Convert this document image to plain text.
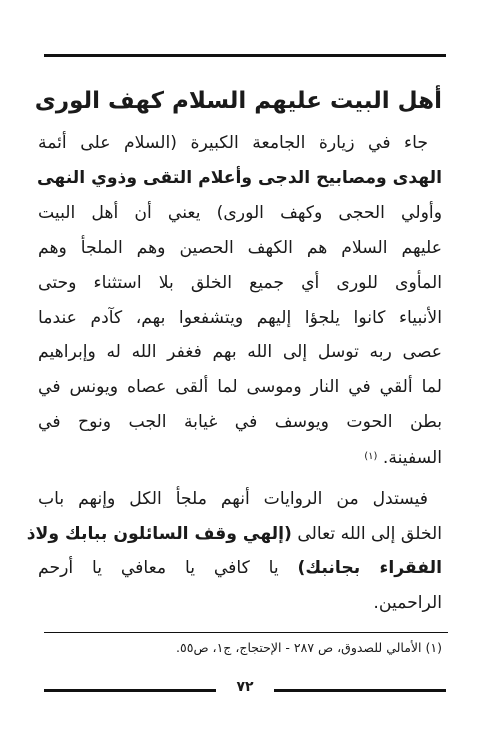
أهل البيت عليهم السلام كهف الورى
جاء في زيارة الجامعة الكبيرة (السلام على أئمة
الهدى ومصابيح الدجى وأعلام التقى وذوي النهى
وأولي الحجى وكهف الورى) يعني أن أهل البيت
عليهم السلام هم الكهف الحصين وهم الملجأ وهم
المأوى للورى أي جميع الخلق بلا استثناء وحتى
الأنبياء كانوا يلجؤا إليهم ويتشفعوا بهم، كآدم عندما
عصى ربه توسل إلى الله بهم فغفر الله له وإبراهيم
لما ألقي في النار وموسى لما ألقى عصاه ويونس في
بطن الحوت ويوسف في غيابة الجب ونوح في
السفينة. $^{(١)}$
فيستدل من الروايات أنهم ملجأ الكل وإنهم باب
الخلق إلى الله تعالى (إلهي وقف السائلون ببابك ولاذ
الفقراء بجانبك) يا كافي يا معافي يا أرحم
الراحمين.
(١) الأمالي للصدوق، ص ٢٨٧ - الإحتجاج، ج١، ص٥٥.
٧٢
